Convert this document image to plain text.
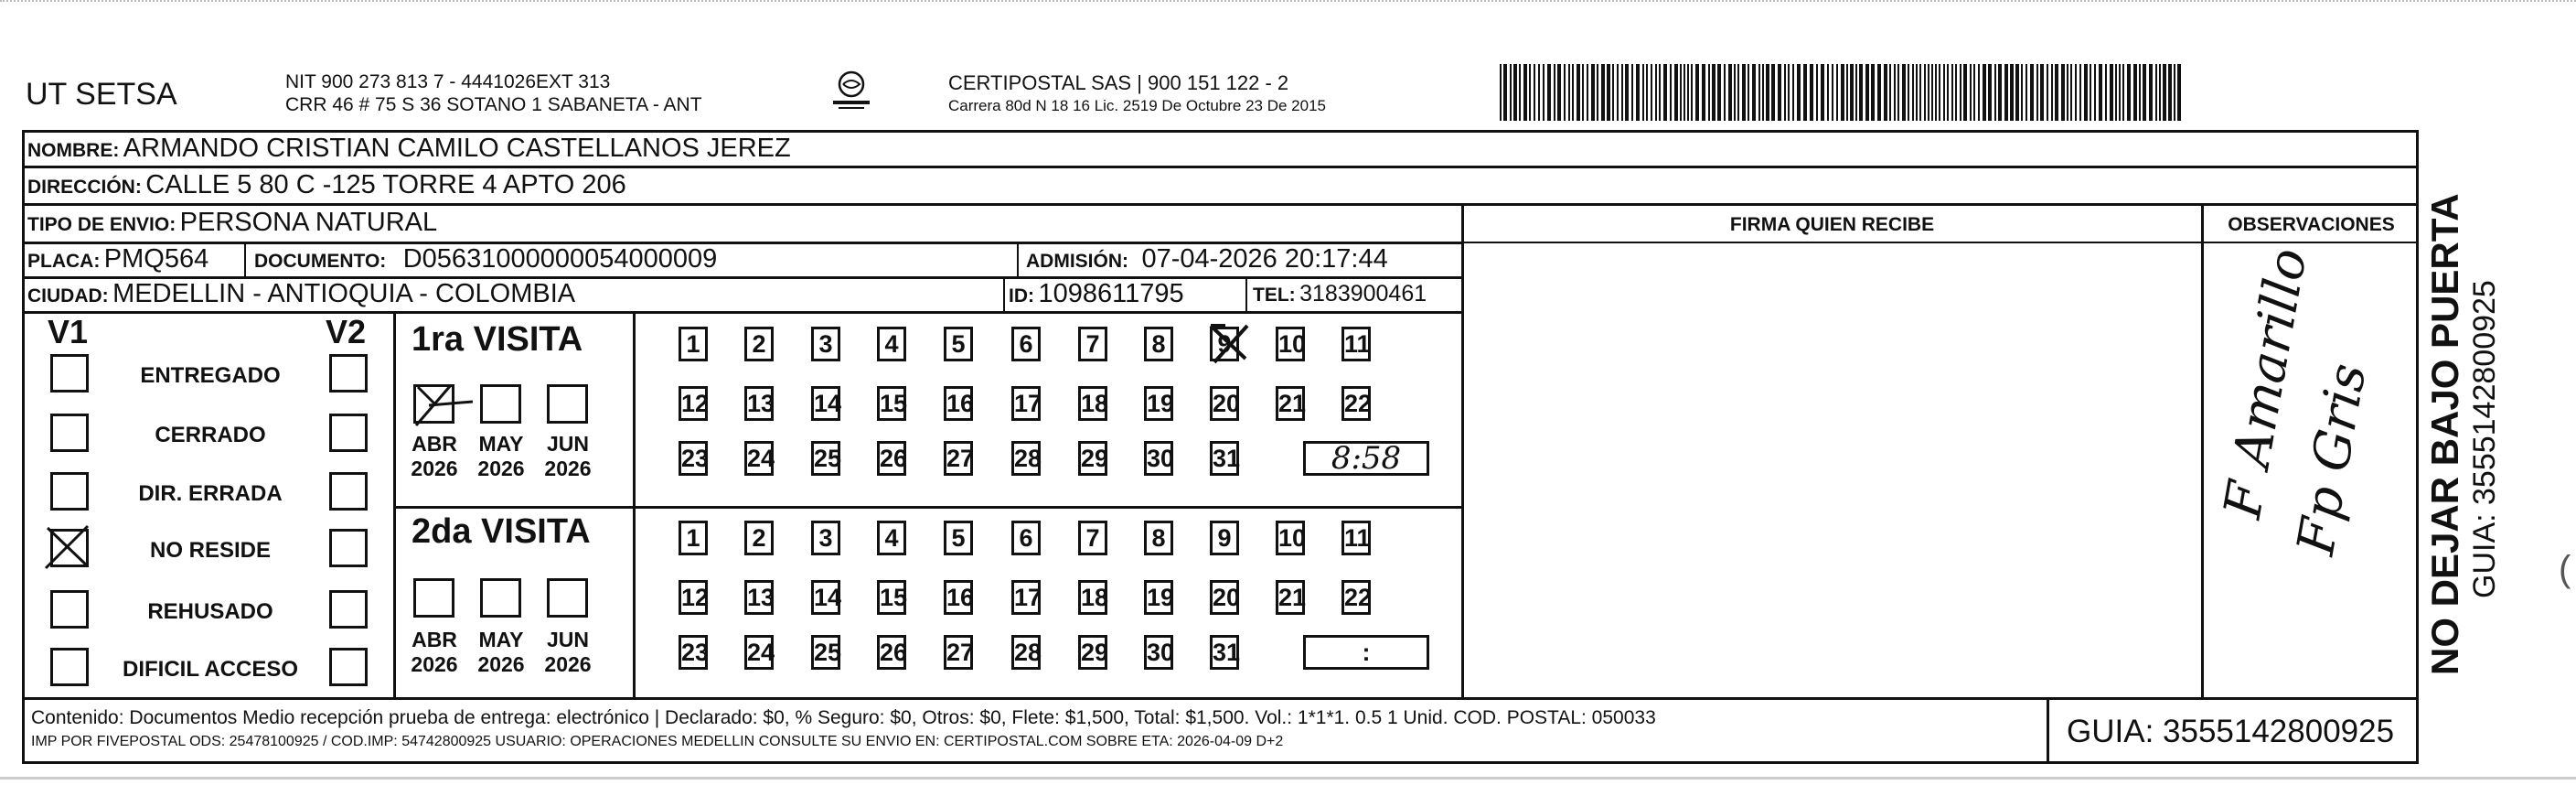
UT SETSA	NIT 900 273 813 7 - 4441026EXT 313
CRR 46 # 75 S 36 SOTANO 1 SABANETA - ANT
CERTIPOSTAL SAS | 900 151 122 - 2
Carrera 80d N 18 16 Lic. 2519 De Octubre 23 De 2015
NOMBRE: ARMANDO CRISTIAN CAMILO CASTELLANOS JEREZ
DIRECCIÓN: CALLE 5 80 C -125 TORRE 4 APTO 206
TIPO DE ENVIO: PERSONA NATURAL
PLACA: PMQ564 DOCUMENTO: D05631000000054000009	ADMISIÓN: 07-04-2026 20:17:44
CIUDAD: MEDELLIN - ANTIOQUIA - COLOMBIA	ID: 1098611795	TEL: 3183900461
FIRMA QUIEN RECIBE	OBSERVACIONES
V1	V2
ENTREGADO
CERRADO
DIR. ERRADA
NO RESIDE
REHUSADO
DIFICIL ACCESO
1ra VISITA
2da VISITA
ABR
2026
MAY
2026
JUN
2026
1	2	3	4	5	6	7	8	9	10 11
12 13 14 15 16 17 18 19 20 21 22
23 24 25 26 27 28 29 30 31	8:58
ABR
2026
MAY
2026
JUN
2026
1	2	3	4	5	6	7	8	9	10 11
12 13 14 15 16 17 18 19 20 21 22
23 24 25 26 27 28 29 30 31	:
F Amarillo
Fp Gris NO DEJAR BAJO PUERTA GUIA: 3555142800925
Contenido: Documentos Medio recepción prueba de entrega: electrónico | Declarado: $0, % Seguro: $0, Otros: $0, Flete: $1,500, Total: $1,500. Vol.: 1*1*1. 0.5 1 Unid. COD. POSTAL: 050033
IMP POR FIVEPOSTAL ODS: 25478100925 / COD.IMP: 54742800925 USUARIO: OPERACIONES MEDELLIN CONSULTE SU ENVIO EN: CERTIPOSTAL.COM SOBRE ETA: 2026-04-09 D+2	GUIA: 3555142800925
(
